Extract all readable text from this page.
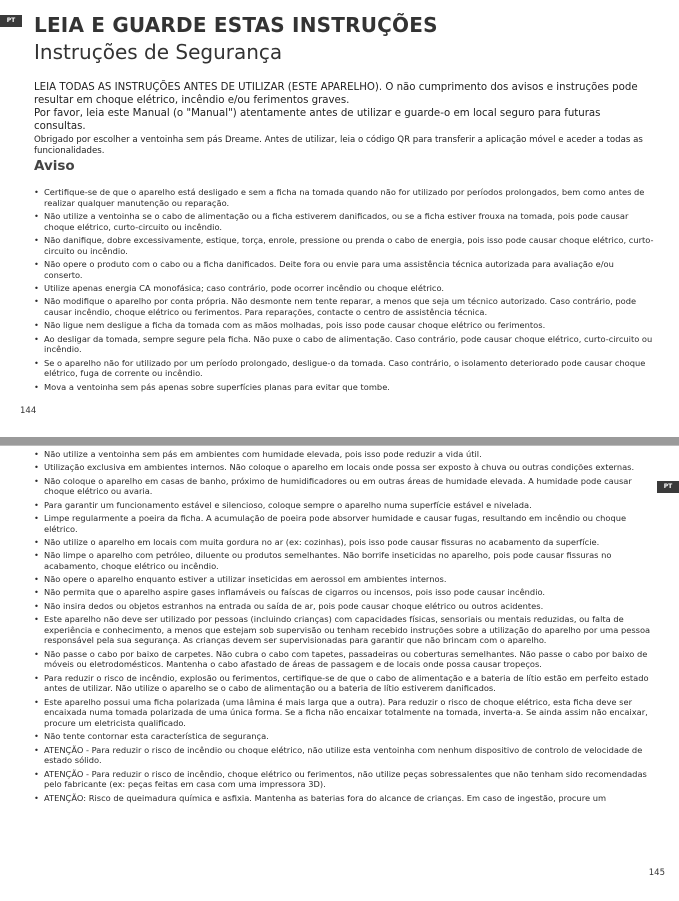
PT LEIA E GUARDE ESTAS INSTRUÇÕES
Instruções de Segurança

LEIA TODAS AS INSTRUÇÕES ANTES DE UTILIZAR (ESTE APARELHO). O não cumprimento dos avisos e instruções pode resultar em choque elétrico, incêndio e/ou ferimentos graves.

Por favor, leia este Manual (o "Manual") atentamente antes de utilizar e guarde-o em local seguro para futuras consultas.

Obrigado por escolher a ventoinha sem pás Dreame. Antes de utilizar, leia o código QR para transferir a aplicação móvel e aceder a todas as funcionalidades.

Aviso
• Certifique-se de que o aparelho está desligado e sem a ficha na tomada quando não for utilizado por períodos prolongados, bem como antes de realizar qualquer manutenção ou reparação.
• Não utilize a ventoinha se o cabo de alimentação ou a ficha estiverem danificados, ou se a ficha estiver frouxa na tomada, pois pode causar choque elétrico, curto-circuito ou incêndio.
• Não danifique, dobre excessivamente, estique, torça, enrole, pressione ou prenda o cabo de energia, pois isso pode causar choque elétrico, curto-circuito ou incêndio.
• Não opere o produto com o cabo ou a ficha danificados. Deite fora ou envie para uma assistência técnica autorizada para avaliação e/ou conserto.
• Utilize apenas energia CA monofásica; caso contrário, pode ocorrer incêndio ou choque elétrico.
• Não modifique o aparelho por conta própria. Não desmonte nem tente reparar, a menos que seja um técnico autorizado. Caso contrário, pode causar incêndio, choque elétrico ou ferimentos. Para reparações, contacte o centro de assistência técnica.
• Não ligue nem desligue a ficha da tomada com as mãos molhadas, pois isso pode causar choque elétrico ou ferimentos.
• Ao desligar da tomada, sempre segure pela ficha. Não puxe o cabo de alimentação. Caso contrário, pode causar choque elétrico, curto-circuito ou incêndio.
• Se o aparelho não for utilizado por um período prolongado, desligue-o da tomada. Caso contrário, o isolamento deteriorado pode causar choque elétrico, fuga de corrente ou incêndio.
• Mova a ventoinha sem pás apenas sobre superfícies planas para evitar que tombe.
144
PT
• Não utilize a ventoinha sem pás em ambientes com humidade elevada, pois isso pode reduzir a vida útil.
• Utilização exclusiva em ambientes internos. Não coloque o aparelho em locais onde possa ser exposto à chuva ou outras condições externas.
• Não coloque o aparelho em casas de banho, próximo de humidificadores ou em outras áreas de humidade elevada. A humidade pode causar choque elétrico ou avaria.
• Para garantir um funcionamento estável e silencioso, coloque sempre o aparelho numa superfície estável e nivelada.
• Limpe regularmente a poeira da ficha. A acumulação de poeira pode absorver humidade e causar fugas, resultando em incêndio ou choque elétrico.
• Não utilize o aparelho em locais com muita gordura no ar (ex: cozinhas), pois isso pode causar fissuras no acabamento da superfície.
• Não limpe o aparelho com petróleo, diluente ou produtos semelhantes. Não borrife inseticidas no aparelho, pois pode causar fissuras no acabamento, choque elétrico ou incêndio.
• Não opere o aparelho enquanto estiver a utilizar inseticidas em aerossol em ambientes internos.
• Não permita que o aparelho aspire gases inflamáveis ou faíscas de cigarros ou incensos, pois isso pode causar incêndio.
• Não insira dedos ou objetos estranhos na entrada ou saída de ar, pois pode causar choque elétrico ou outros acidentes.
• Este aparelho não deve ser utilizado por pessoas (incluindo crianças) com capacidades físicas, sensoriais ou mentais reduzidas, ou falta de experiência e conhecimento, a menos que estejam sob supervisão ou tenham recebido instruções sobre a utilização do aparelho por uma pessoa responsável pela sua segurança. As crianças devem ser supervisionadas para garantir que não brincam com o aparelho.
• Não passe o cabo por baixo de carpetes. Não cubra o cabo com tapetes, passadeiras ou coberturas semelhantes. Não passe o cabo por baixo de móveis ou eletrodomésticos. Mantenha o cabo afastado de áreas de passagem e de locais onde possa causar tropeços.
• Para reduzir o risco de incêndio, explosão ou ferimentos, certifique-se de que o cabo de alimentação e a bateria de lítio estão em perfeito estado antes de utilizar. Não utilize o aparelho se o cabo de alimentação ou a bateria de lítio estiverem danificados.
• Este aparelho possui uma ficha polarizada (uma lâmina é mais larga que a outra). Para reduzir o risco de choque elétrico, esta ficha deve ser encaixada numa tomada polarizada de uma única forma. Se a ficha não encaixar totalmente na tomada, inverta-a. Se ainda assim não encaixar, procure um eletricista qualificado.
• Não tente contornar esta característica de segurança.
• ATENÇÃO - Para reduzir o risco de incêndio ou choque elétrico, não utilize esta ventoinha com nenhum dispositivo de controlo de velocidade de estado sólido.
• ATENÇÃO - Para reduzir o risco de incêndio, choque elétrico ou ferimentos, não utilize peças sobressalentes que não tenham sido recomendadas pelo fabricante (ex: peças feitas em casa com uma impressora 3D).
• ATENÇÃO: Risco de queimadura química e asfixia. Mantenha as baterias fora do alcance de crianças. Em caso de ingestão, procure um
145
